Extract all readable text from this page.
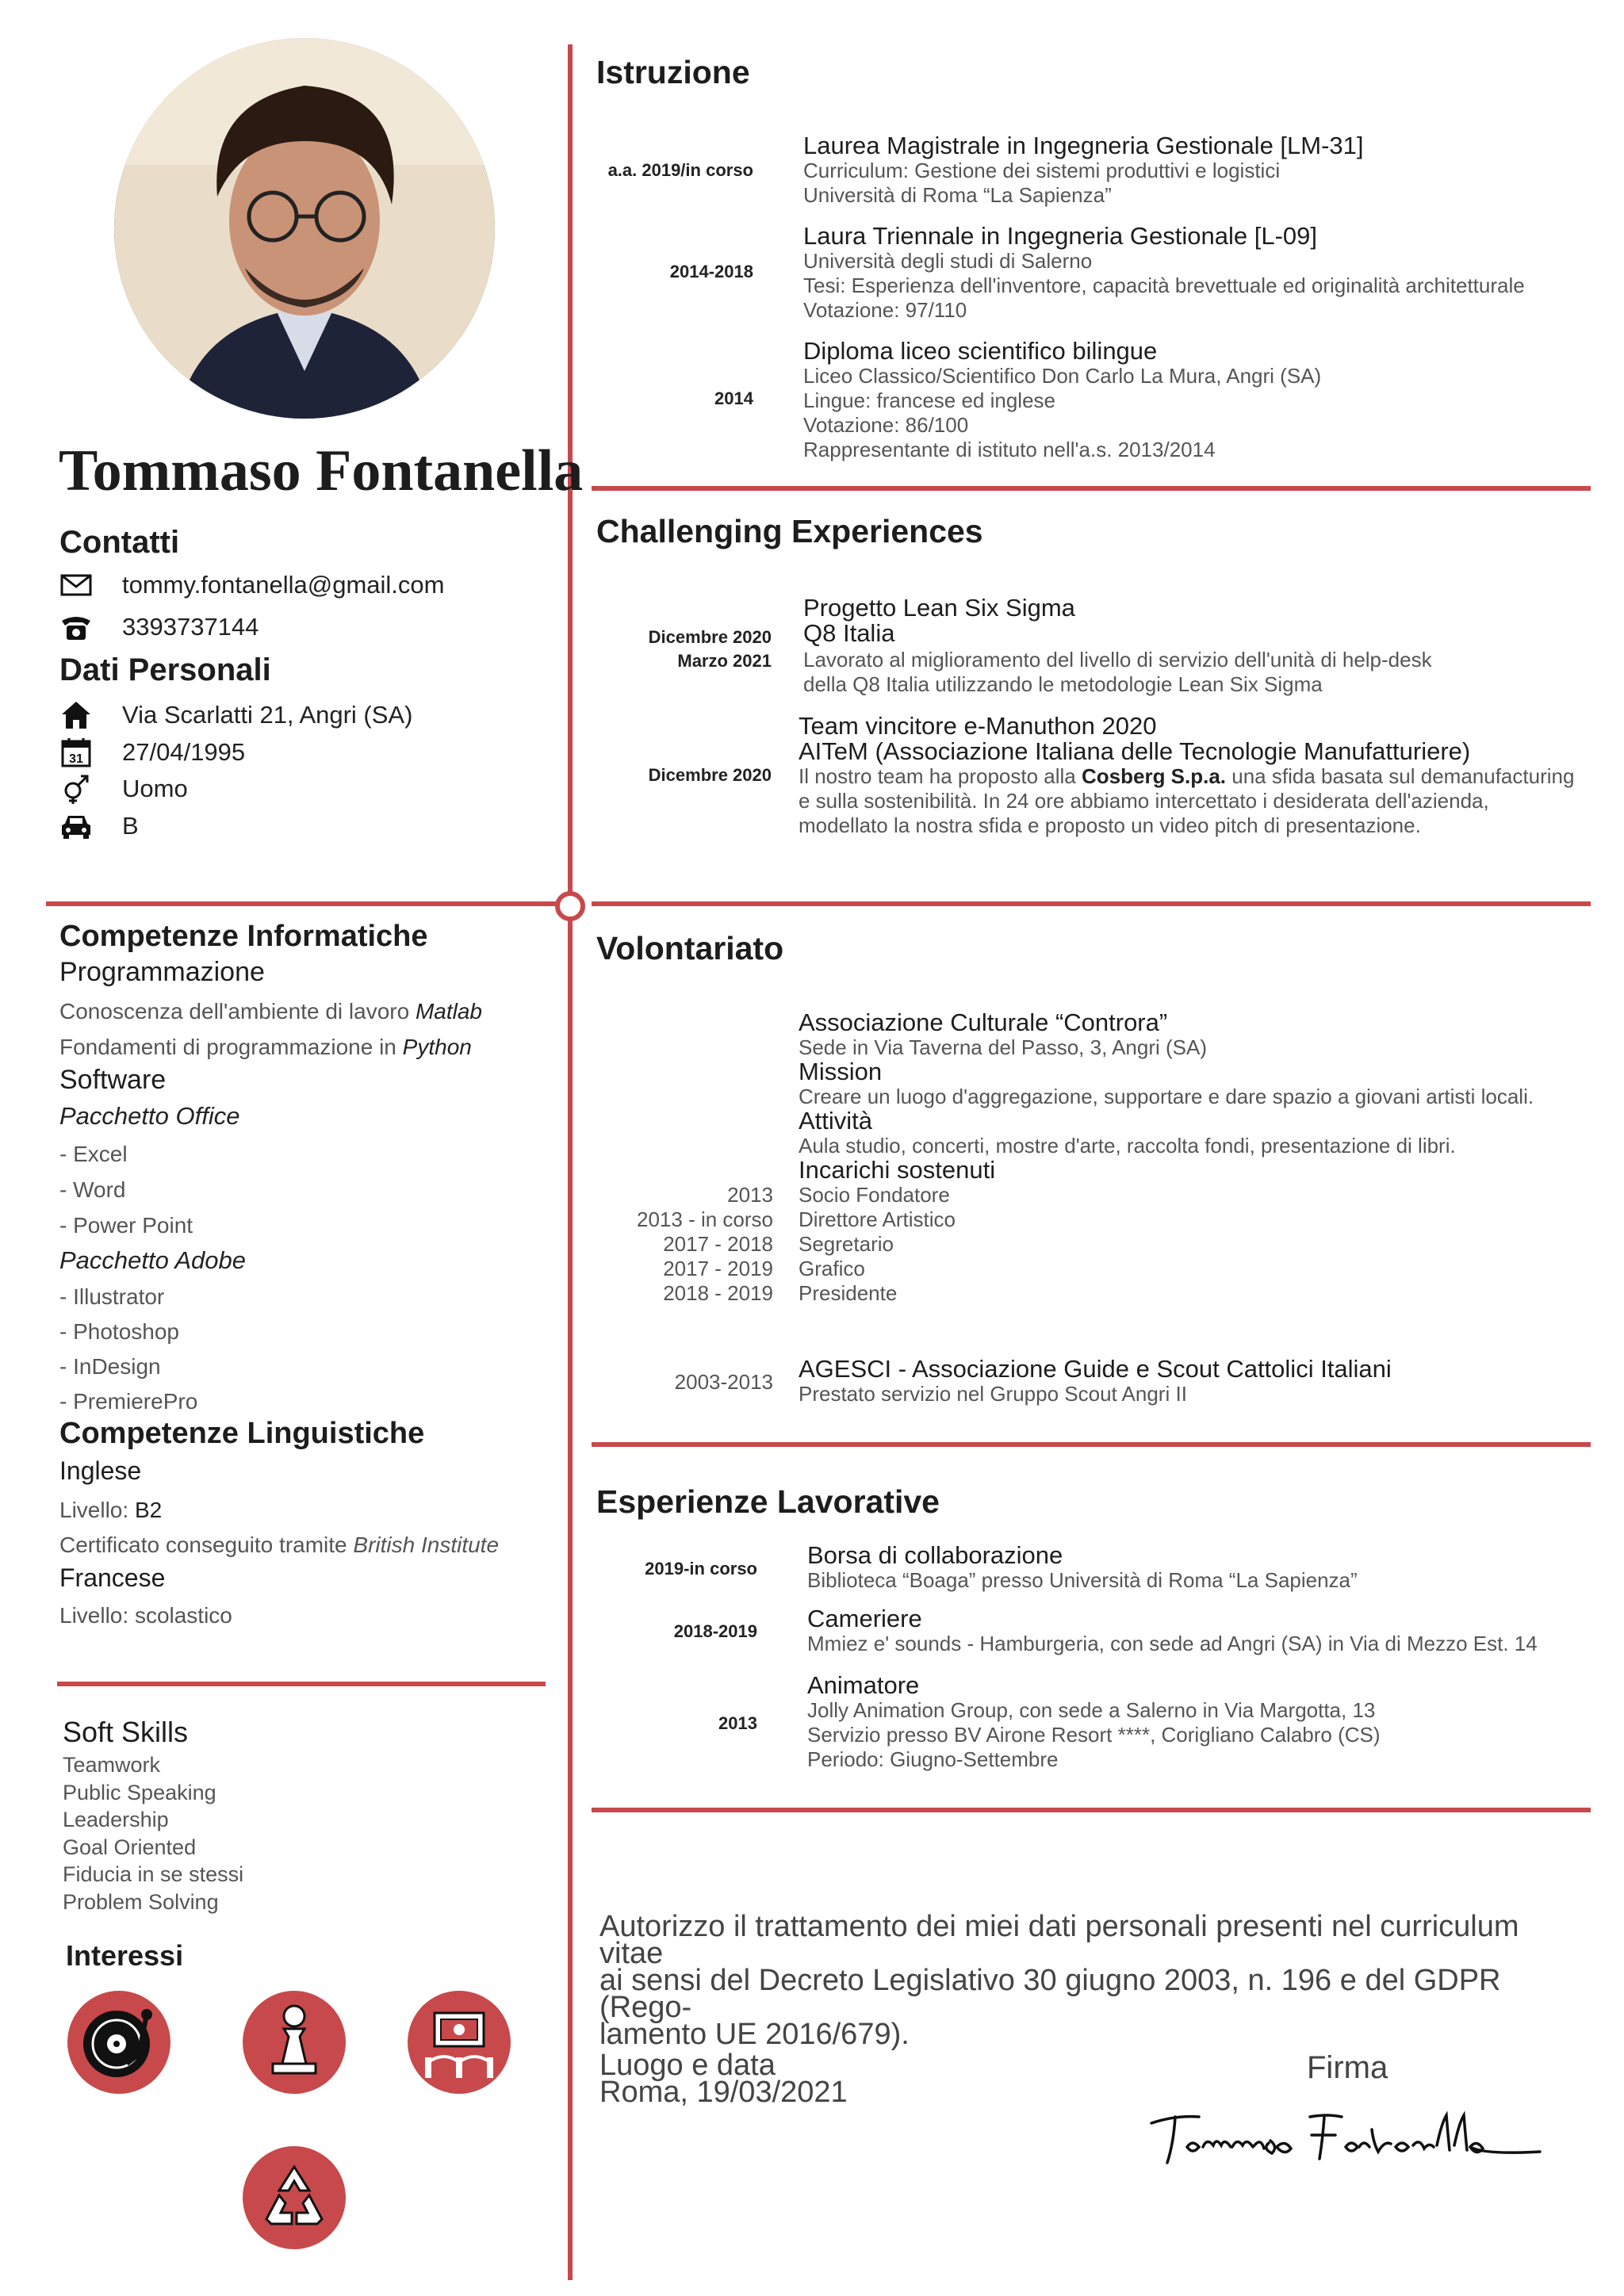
Tommaso Fontanella
Contatti
tommy.fontanella@gmail.com
3393737144
Dati Personali
Via Scarlatti 21, Angri (SA)
31 27/04/1995
Uomo
B
Competenze Informatiche
Programmazione
Conoscenza dell'ambiente di lavoro Matlab
Fondamenti di programmazione in Python
Software
Pacchetto Office
- Excel
- Word
- Power Point
Pacchetto Adobe
- Illustrator
- Photoshop
- InDesign
- PremierePro
Competenze Linguistiche
Inglese
Livello: B2
Certificato conseguito tramite British Institute
Francese
Livello: scolastico
Soft Skills
Teamwork
Public Speaking
Leadership
Goal Oriented
Fiducia in se stessi
Problem Solving
Interessi
Istruzione
a.a. 2019/in corso
Laurea Magistrale in Ingegneria Gestionale [LM-31]
Curriculum: Gestione dei sistemi produttivi e logistici
Università di Roma “La Sapienza”
2014-2018
Laura Triennale in Ingegneria Gestionale [L-09]
Università degli studi di Salerno
Tesi: Esperienza dell'inventore, capacità brevettuale ed originalità architetturale
Votazione: 97/110
2014
Diploma liceo scientifico bilingue
Liceo Classico/Scientifico Don Carlo La Mura, Angri (SA)
Lingue: francese ed inglese
Votazione: 86/100
Rappresentante di istituto nell'a.s. 2013/2014
Challenging Experiences
Dicembre 2020
Marzo 2021
Progetto Lean Six Sigma
Q8 Italia
Lavorato al miglioramento del livello di servizio dell'unità di help-desk
della Q8 Italia utilizzando le metodologie Lean Six Sigma
Dicembre 2020
Team vincitore e-Manuthon 2020
AITeM (Associazione Italiana delle Tecnologie Manufatturiere)
Il nostro team ha proposto alla Cosberg S.p.a. una sfida basata sul demanufacturing
e sulla sostenibilità. In 24 ore abbiamo intercettato i desiderata dell'azienda,
modellato la nostra sfida e proposto un video pitch di presentazione.
Volontariato
Associazione Culturale “Controra”
Sede in Via Taverna del Passo, 3, Angri (SA)
Mission
Creare un luogo d'aggregazione, supportare e dare spazio a giovani artisti locali.
Attività
Aula studio, concerti, mostre d'arte, raccolta fondi, presentazione di libri.
Incarichi sostenuti
2013
2013 - in corso
2017 - 2018
2017 - 2019
2018 - 2019
Socio Fondatore
Direttore Artistico
Segretario
Grafico
Presidente
2003-2013 AGESCI - Associazione Guide e Scout Cattolici Italiani
Prestato servizio nel Gruppo Scout Angri II
Esperienze Lavorative
2019-in corso Borsa di collaborazione
Biblioteca “Boaga” presso Università di Roma “La Sapienza”
2018-2019 Cameriere
Mmiez e' sounds - Hamburgeria, con sede ad Angri (SA) in Via di Mezzo Est. 14
2013
Animatore
Jolly Animation Group, con sede a Salerno in Via Margotta, 13
Servizio presso BV Airone Resort ****, Corigliano Calabro (CS)
Periodo: Giugno-Settembre
Autorizzo il trattamento dei miei dati personali presenti nel curriculum vitae
ai sensi del Decreto Legislativo 30 giugno 2003, n. 196 e del GDPR (Rego-
lamento UE 2016/679).
Luogo e data
Roma, 19/03/2021
Firma
